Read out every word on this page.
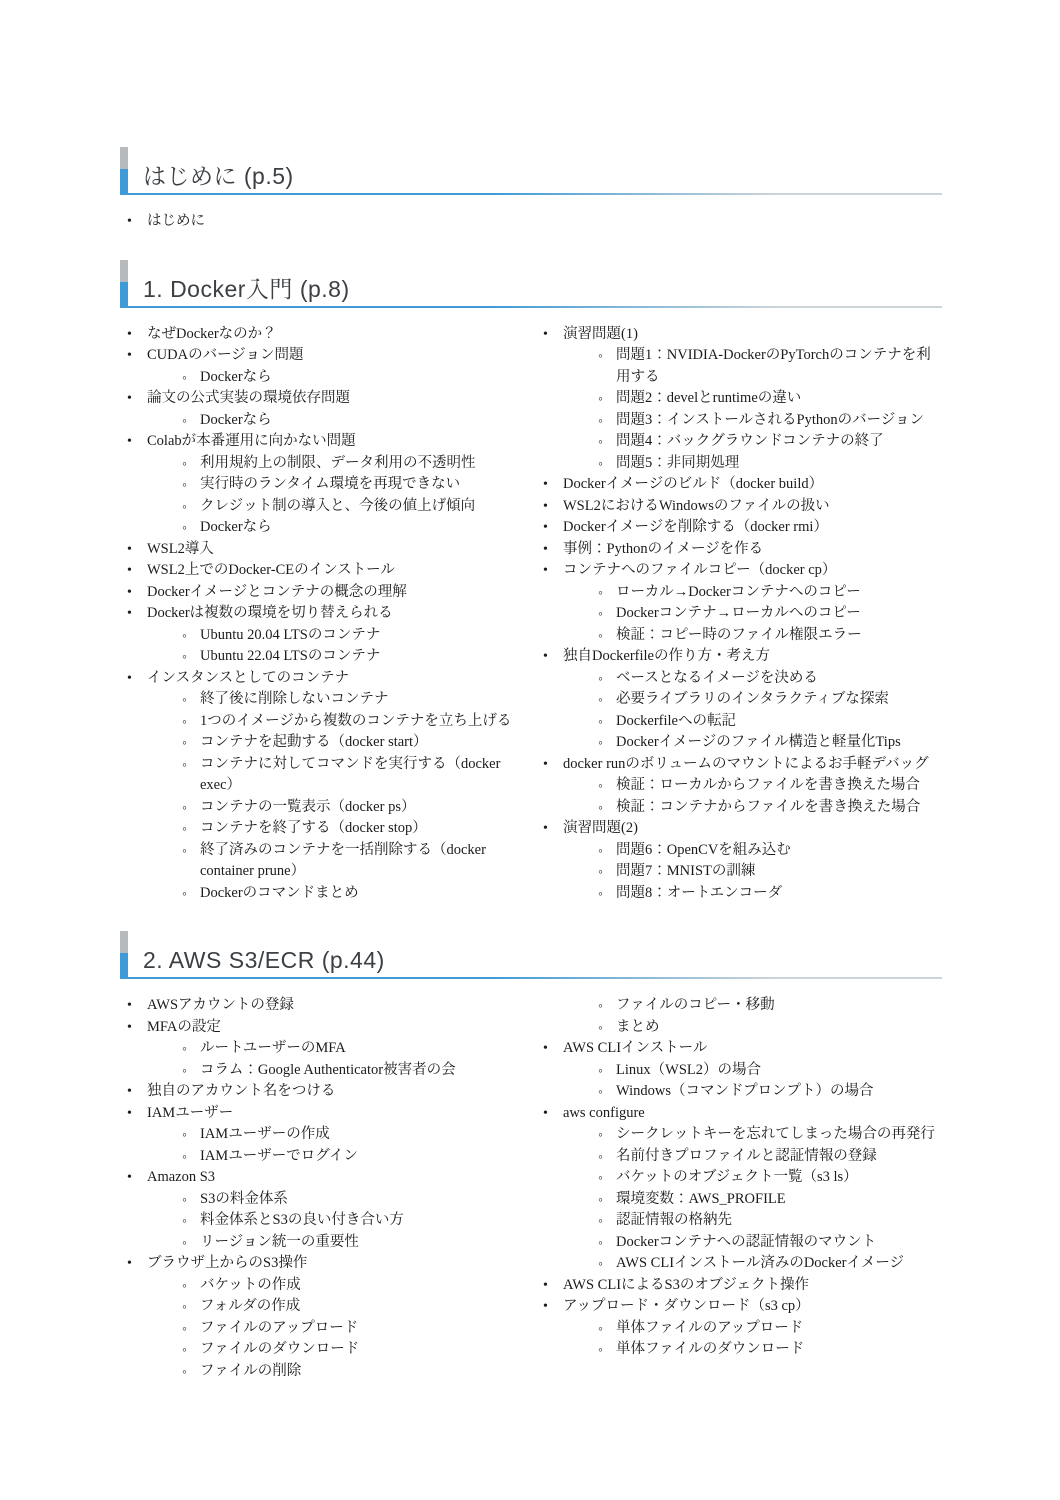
はじめに (p.5)
• はじめに
1. Docker入門 (p.8)
• なぜDockerなのか？
• CUDAのバージョン問題
◦ Dockerなら
• 論文の公式実装の環境依存問題
◦ Dockerなら
• Colabが本番運用に向かない問題
◦ 利用規約上の制限、データ利用の不透明性
◦ 実行時のランタイム環境を再現できない
◦ クレジット制の導入と、今後の値上げ傾向
◦ Dockerなら
• WSL2導入
• WSL2上でのDocker-CEのインストール
• Dockerイメージとコンテナの概念の理解
• Dockerは複数の環境を切り替えられる
◦ Ubuntu 20.04 LTSのコンテナ
◦ Ubuntu 22.04 LTSのコンテナ
• インスタンスとしてのコンテナ
◦ 終了後に削除しないコンテナ
◦ 1つのイメージから複数のコンテナを立ち上げる
◦ コンテナを起動する（docker start）
◦ コンテナに対してコマンドを実行する（docker exec）
◦ コンテナの一覧表示（docker ps）
◦ コンテナを終了する（docker stop）
◦ 終了済みのコンテナを一括削除する（docker container prune）
◦ Dockerのコマンドまとめ
• 演習問題(1)
◦ 問題1：NVIDIA-DockerのPyTorchのコンテナを利用する
◦ 問題2：develとruntimeの違い
◦ 問題3：インストールされるPythonのバージョン
◦ 問題4：バックグラウンドコンテナの終了
◦ 問題5：非同期処理
• Dockerイメージのビルド（docker build）
• WSL2におけるWindowsのファイルの扱い
• Dockerイメージを削除する（docker rmi）
• 事例：Pythonのイメージを作る
• コンテナへのファイルコピー（docker cp）
◦ ローカル→Dockerコンテナへのコピー
◦ Dockerコンテナ→ローカルへのコピー
◦ 検証：コピー時のファイル権限エラー
• 独自Dockerfileの作り方・考え方
◦ ベースとなるイメージを決める
◦ 必要ライブラリのインタラクティブな探索
◦ Dockerfileへの転記
◦ Dockerイメージのファイル構造と軽量化Tips
• docker runのボリュームのマウントによるお手軽デバッグ
◦ 検証：ローカルからファイルを書き換えた場合
◦ 検証：コンテナからファイルを書き換えた場合
• 演習問題(2)
◦ 問題6：OpenCVを組み込む
◦ 問題7：MNISTの訓練
◦ 問題8：オートエンコーダ
2. AWS S3/ECR (p.44)
• AWSアカウントの登録
• MFAの設定
◦ ルートユーザーのMFA
◦ コラム：Google Authenticator被害者の会
• 独自のアカウント名をつける
• IAMユーザー
◦ IAMユーザーの作成
◦ IAMユーザーでログイン
• Amazon S3
◦ S3の料金体系
◦ 料金体系とS3の良い付き合い方
◦ リージョン統一の重要性
• ブラウザ上からのS3操作
◦ バケットの作成
◦ フォルダの作成
◦ ファイルのアップロード
◦ ファイルのダウンロード
◦ ファイルの削除
◦ ファイルのコピー・移動
◦ まとめ
• AWS CLIインストール
◦ Linux（WSL2）の場合
◦ Windows（コマンドプロンプト）の場合
• aws configure
◦ シークレットキーを忘れてしまった場合の再発行
◦ 名前付きプロファイルと認証情報の登録
◦ バケットのオブジェクト一覧（s3 ls）
◦ 環境変数：AWS_PROFILE
◦ 認証情報の格納先
◦ Dockerコンテナへの認証情報のマウント
◦ AWS CLIインストール済みのDockerイメージ
• AWS CLIによるS3のオブジェクト操作
• アップロード・ダウンロード（s3 cp）
◦ 単体ファイルのアップロード
◦ 単体ファイルのダウンロード
